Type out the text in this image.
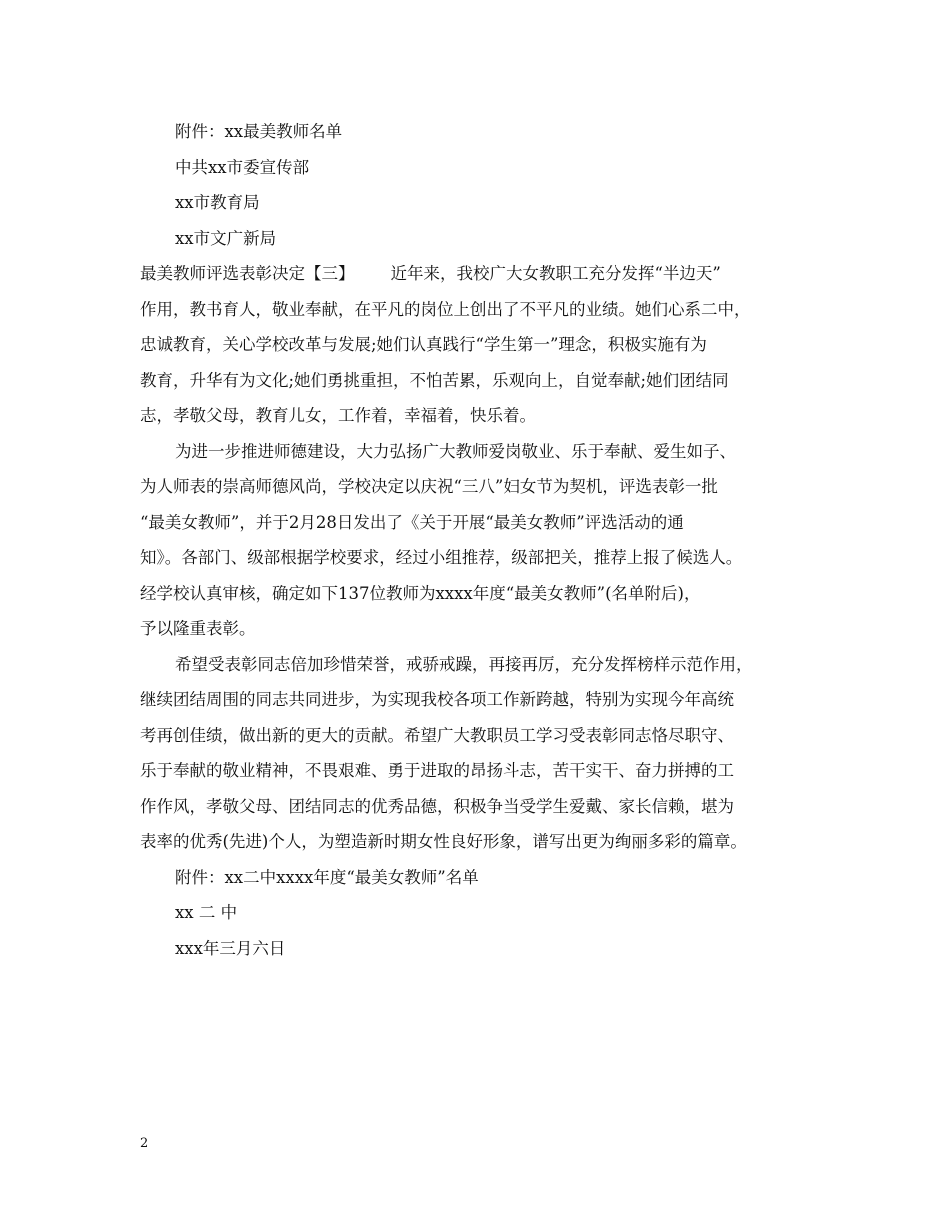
附件：xx最美教师名单
中共xx市委宣传部
xx市教育局
xx市文广新局
最美教师评选表彰决定【三】 近年来，我校广大女教职工充分发挥“半边天”
作用，教书育人，敬业奉献，在平凡的岗位上创出了不平凡的业绩。她们心系二中，
忠诚教育，关心学校改革与发展;她们认真践行“学生第一”理念，积极实施有为
教育，升华有为文化;她们勇挑重担，不怕苦累，乐观向上，自觉奉献;她们团结同
志，孝敬父母，教育儿女，工作着，幸福着，快乐着。
为进一步推进师德建设，大力弘扬广大教师爱岗敬业、乐于奉献、爱生如子、
为人师表的崇高师德风尚，学校决定以庆祝“三八”妇女节为契机，评选表彰一批
“最美女教师”，并于2月28日发出了《关于开展“最美女教师”评选活动的通
知》。各部门、级部根据学校要求，经过小组推荐，级部把关，推荐上报了候选人。
经学校认真审核，确定如下137位教师为xxxx年度“最美女教师”(名单附后)，
予以隆重表彰。
希望受表彰同志倍加珍惜荣誉，戒骄戒躁，再接再厉，充分发挥榜样示范作用，
继续团结周围的同志共同进步，为实现我校各项工作新跨越，特别为实现今年高统
考再创佳绩，做出新的更大的贡献。希望广大教职员工学习受表彰同志恪尽职守、
乐于奉献的敬业精神，不畏艰难、勇于进取的昂扬斗志，苦干实干、奋力拼搏的工
作作风，孝敬父母、团结同志的优秀品德，积极争当受学生爱戴、家长信赖，堪为
表率的优秀(先进)个人，为塑造新时期女性良好形象，谱写出更为绚丽多彩的篇章。
附件：xx二中xxxx年度“最美女教师”名单
xx 二 中
xxx年三月六日
2
